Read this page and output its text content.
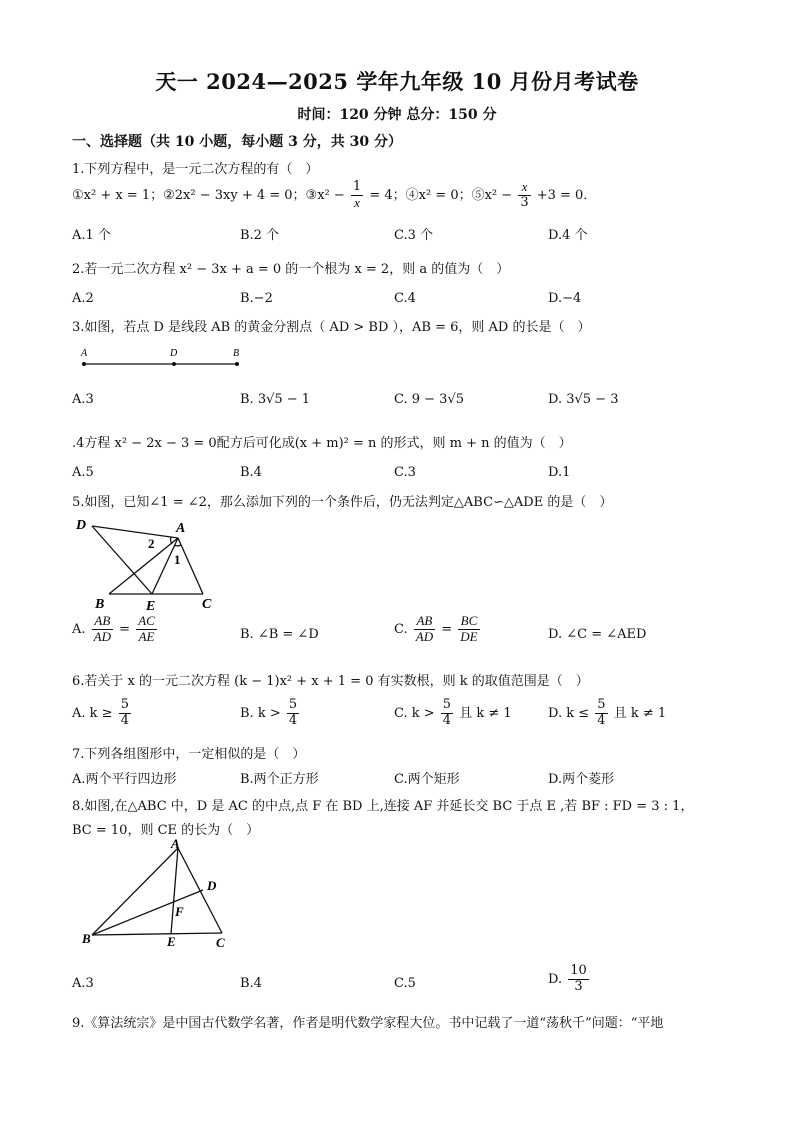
天一 2024—2025 学年九年级 10 月份月考试卷
时间：120 分钟 总分：150 分
一、选择题（共 10 小题，每小题 3 分，共 30 分）
1.下列方程中，是一元二次方程的有（　）
①x² + x = 1；②2x² − 3xy + 4 = 0；③x² − $\frac{1}{x} = 4$；④x² = 0；⑤x² − $\frac{x}{3} +3 = 0$．
A.1 个	B.2 个	C.3 个	D.4 个
2.若一元二次方程 x² − 3x + a = 0 的一个根为 x = 2，则 a 的值为（　）
A.2	B.−2	C.4	D.−4
3.如图，若点 D 是线段 AB 的黄金分割点（ AD > BD ），AB = 6，则 AD 的长是（　）
A	D	B
A.3	B. 3√5 − 1	C. 9 − 3√5	D. 3√5 − 3
.4方程 x² − 2x − 3 = 0配方后可化成(x + m)² = n 的形式，则 m + n 的值为（　）
A.5	B.4	C.3	D.1
5.如图，已知∠1 = ∠2，那么添加下列的一个条件后，仍无法判定△ABC∽△ADE 的是（　）
D	A
2
1
B	E	C
A. $\frac{AB}{AD} = \frac{AC}{AE}$	B. ∠B = ∠D	C. $\frac{AB}{AD} = \frac{BC}{DE}$	D. ∠C = ∠AED
6.若关于 x 的一元二次方程 (k − 1)x² + x + 1 = 0 有实数根，则 k 的取值范围是（　）
A. $k \ge \frac{5}{4}$	B. $k > \frac{5}{4}$	C. $k > \frac{5}{4}$ 且 k ≠ 1	D. $k \le \frac{5}{4}$ 且 k ≠ 1
7.下列各组图形中，一定相似的是（　）
A.两个平行四边形	B.两个正方形	C.两个矩形	D.两个菱形
8.如图,在△ABC 中，D 是 AC 的中点,点 F 在 BD 上,连接 AF 并延长交 BC 于点 E ,若 BF : FD = 3 : 1，
BC = 10，则 CE 的长为（　）
A
D
F
B	E	C
A.3	B.4	C.5	D. $\frac{10}{3}$
9.《算法统宗》是中国古代数学名著，作者是明代数学家程大位。书中记载了一道“荡秋千”问题：“平地
